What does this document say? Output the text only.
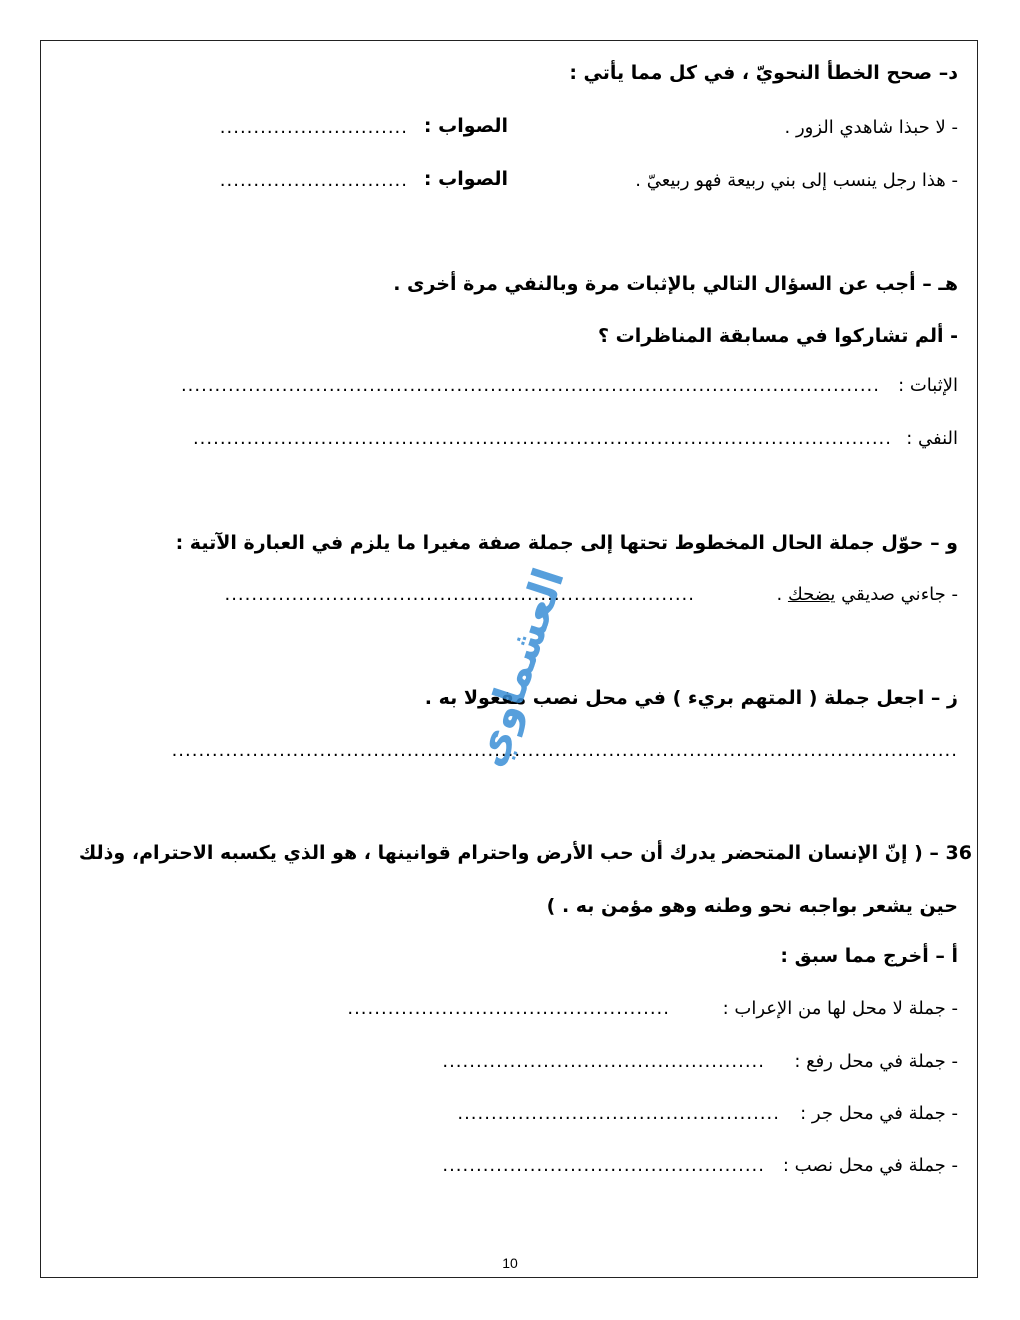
د– صحح الخطأ النحويّ ، في كل مما يأتي :
- لا حبذا شاهدي الزور .
الصواب :
............................
- هذا رجل ينسب إلى بني ربيعة فهو ربيعيّ .
الصواب :
............................
هـ – أجب عن السؤال التالي بالإثبات مرة وبالنفي مرة أخرى .
- ألم تشاركوا في مسابقة المناظرات ؟
الإثبات :
........................................................................................................
النفي :
........................................................................................................
و – حوّل جملة الحال المخطوط تحتها إلى جملة صفة مغيرا ما يلزم في العبارة الآتية :
- جاءني صديقي يضحك .
......................................................................
ز – اجعل جملة ( المتهم بريء ) في محل نصب مفعولا به .
.....................................................................................................................
36 – ( إنّ الإنسان المتحضر يدرك أن حب الأرض واحترام قوانينها ، هو الذي يكسبه الاحترام، وذلك
حين يشعر بواجبه نحو وطنه وهو مؤمن به . )
أ – أخرج مما سبق :
- جملة لا محل لها من الإعراب :
................................................
- جملة في محل رفع :
................................................
- جملة في محل جر :
................................................
- جملة في محل نصب :
................................................
العشماوي
10
